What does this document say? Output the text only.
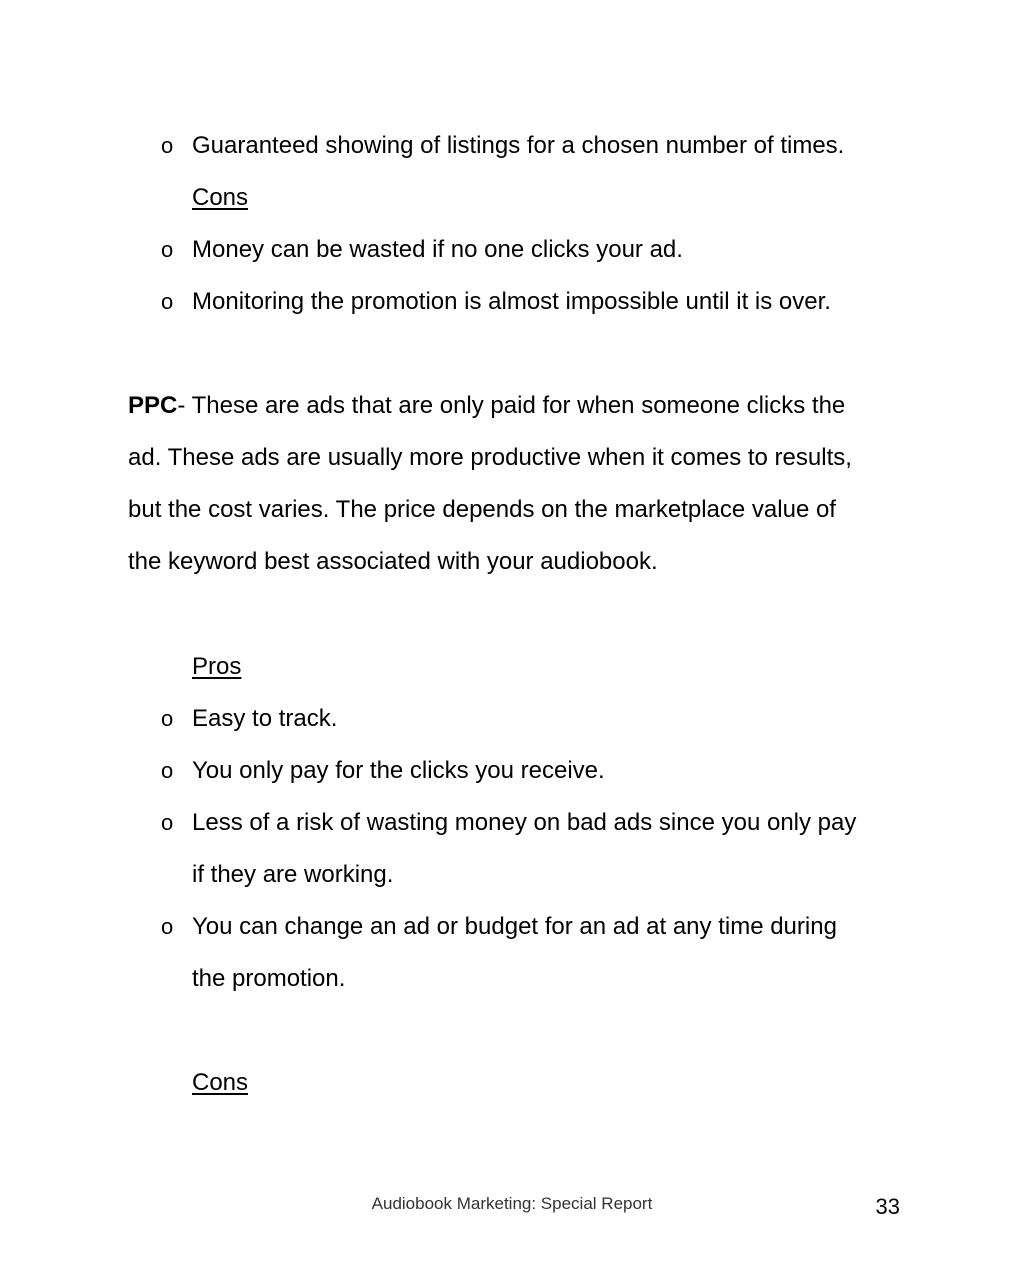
o Guaranteed showing of listings for a chosen number of times.
Cons
o Money can be wasted if no one clicks your ad.
o Monitoring the promotion is almost impossible until it is over.
PPC- These are ads that are only paid for when someone clicks the
ad. These ads are usually more productive when it comes to results,
but the cost varies. The price depends on the marketplace value of
the keyword best associated with your audiobook.
Pros
o Easy to track.
o You only pay for the clicks you receive.
o Less of a risk of wasting money on bad ads since you only pay
if they are working.
o You can change an ad or budget for an ad at any time during
the promotion.
Cons
Audiobook Marketing: Special Report	33
